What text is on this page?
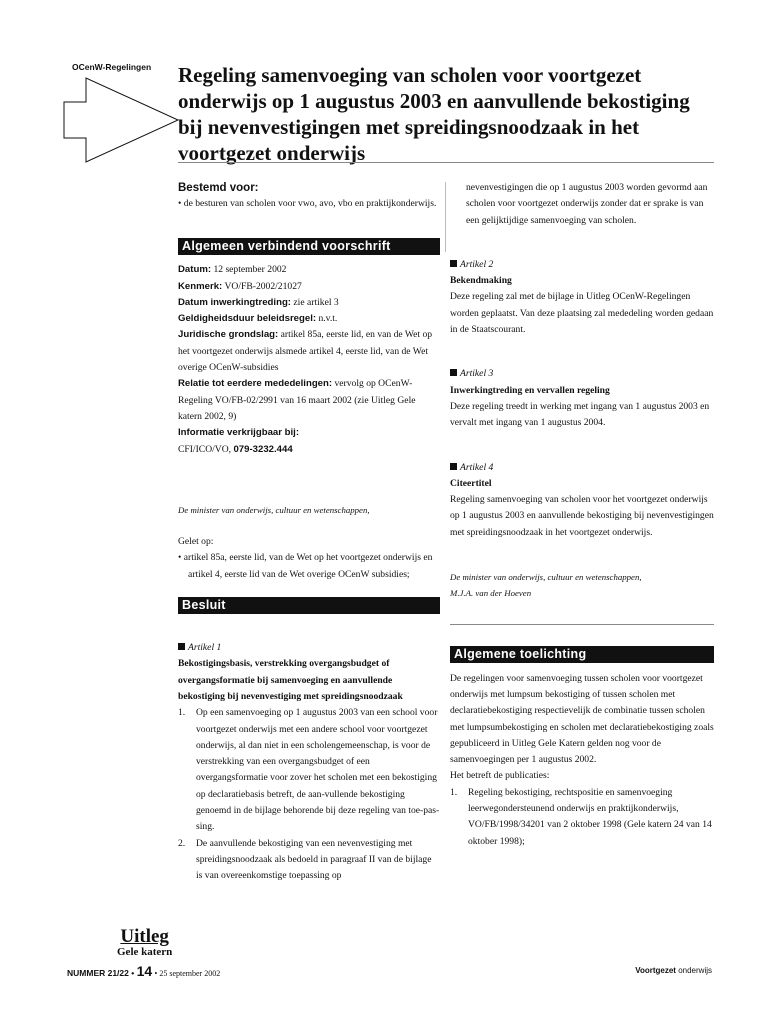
OCenW-Regelingen Regeling samenvoeging van scholen voor voortgezet onderwijs op 1 augustus 2003 en aanvullende bekostiging bij nevenvestigingen met spreidingsnoodzaak in het voortgezet onderwijs
Bestemd voor:

• de besturen van scholen voor vwo, avo, vbo en praktijkonderwijs.

Algemeen verbindend voorschrift

Datum: 12 september 2002

Kenmerk: VO/FB-2002/21027

Datum inwerkingtreding: zie artikel 3

Geldigheidsduur beleidsregel: n.v.t.

Juridische grondslag: artikel 85a, eerste lid, en van de Wet op het voortgezet onderwijs alsmede artikel 4, eerste lid, van de Wet overige OCenW-subsidies

Relatie tot eerdere mededelingen: vervolg op OCenW-Regeling VO/FB-02/2991 van 16 maart 2002 (zie Uitleg Gele katern 2002, 9)

Informatie verkrijgbaar bij:

CFI/ICO/VO, 079-3232.444

De minister van onderwijs, cultuur en wetenschappen,

Gelet op:

• artikel 85a, eerste lid, van de Wet op het voortgezet onderwijs en artikel 4, eerste lid van de Wet overige OCenW subsidies;

Besluit

Artikel 1

Bekostigingsbasis, verstrekking overgangsbudget of overgangsformatie bij samenvoeging en aanvullende bekostiging bij nevenvestiging met spreidingsnoodzaak

1. Op een samenvoeging op 1 augustus 2003 van een school voor voortgezet onderwijs met een andere school voor voortgezet onderwijs, al dan niet in een scholengemeenschap, is voor de verstrekking van een overgangsbudget of een overgangsformatie voor zover het scholen met een bekostiging op declaratiebasis betreft, de aan-vullende bekostiging genoemd in de bijlage behorende bij deze regeling van toe-pas-sing.

2. De aanvullende bekostiging van een nevenvestiging met spreidingsnoodzaak als bedoeld in paragraaf II van de bijlage is van overeenkomstige toepassing op

nevenvestigingen die op 1 augustus 2003 worden gevormd aan scholen voor voortgezet onderwijs zonder dat er sprake is van een gelijktijdige samenvoeging van scholen.

Artikel 2

Bekendmaking

Deze regeling zal met de bijlage in Uitleg OCenW-Regelingen worden geplaatst. Van deze plaatsing zal mededeling worden gedaan in de Staatscourant.

Artikel 3

Inwerkingtreding en vervallen regeling

Deze regeling treedt in werking met ingang van 1 augustus 2003 en vervalt met ingang van 1 augustus 2004.

Artikel 4

Citeertitel

Regeling samenvoeging van scholen voor het voortgezet onderwijs op 1 augustus 2003 en aanvullende bekostiging bij nevenvestigingen met spreidingsnoodzaak in het voortgezet onderwijs.

De minister van onderwijs, cultuur en wetenschappen,

M.J.A. van der Hoeven

Algemene toelichting

De regelingen voor samenvoeging tussen scholen voor voortgezet onderwijs met lumpsum bekostiging of tussen scholen met declaratiebekostiging respectievelijk de combinatie tussen scholen met lumpsumbekostiging en scholen met declaratiebekostiging zoals gepubliceerd in Uitleg Gele Katern gelden nog voor de samenvoegingen per 1 augustus 2002.

Het betreft de publicaties:

1. Regeling bekostiging, rechtspositie en samenvoeging leerwegondersteunend onderwijs en praktijkonderwijs, VO/FB/1998/34201 van 2 oktober 1998 (Gele katern 24 van 14 oktober 1998);

Uitleg
Gele katern
NUMMER 21/22 • 14 • 25 september 2002	Voortgezet onderwijs
